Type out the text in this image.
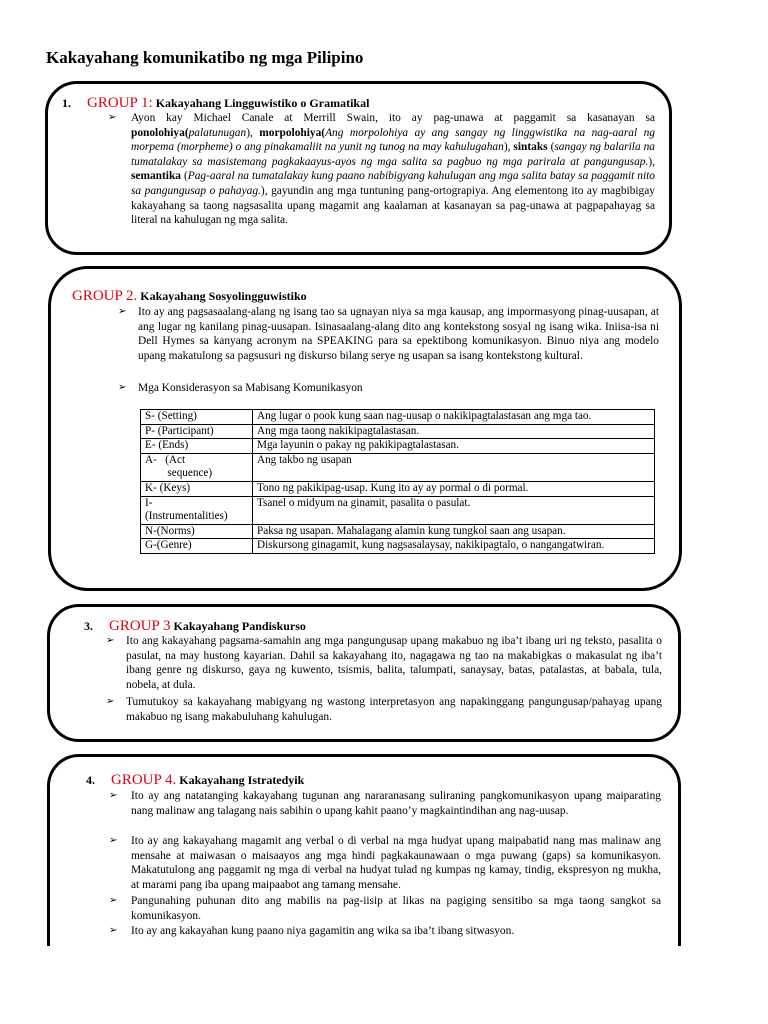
Kakayahang komunikatibo ng mga Pilipino
1. GROUP 1: Kakayahang Lingguwistiko o Gramatikal
➢ Ayon kay Michael Canale at Merrill Swain, ito ay pag-unawa at paggamit sa kasanayan sa ponolohiya(palatunugan), morpolohiya(Ang morpolohiya ay ang sangay ng linggwistika na nag-aaral ng morpema (morpheme) o ang pinakamaliit na yunit ng tunog na may kahulugahan), sintaks (sangay ng balarila na tumatalakay sa masistemang pagkakaayus-ayos ng mga salita sa pagbuo ng mga parirala at pangungusap.), semantika (Pag-aaral na tumatalakay kung paano nabibigyang kahulugan ang mga salita batay sa paggamit nito sa pangungusap o pahayag.), gayundin ang mga tuntuning pang-ortograpiya. Ang elementong ito ay magbibigay kakayahang sa taong nagsasalita upang magamit ang kaalaman at kasanayan sa pag-unawa at pagpapahayag sa literal na kahulugan ng mga salita.
GROUP 2. Kakayahang Sosyolingguwistiko
➢ Ito ay ang pagsasaalang-alang ng isang tao sa ugnayan niya sa mga kausap, ang impormasyong pinag-uusapan, at ang lugar ng kanilang pinag-uusapan. Isinasaalang-alang dito ang kontekstong sosyal ng isang wika. Iniisa-isa ni Dell Hymes sa kanyang acronym na SPEAKING para sa epektibong komunikasyon. Binuo niya ang modelo upang makatulong sa pagsusuri ng diskurso bilang serye ng usapan sa isang kontekstong kultural.
➢ Mga Konsiderasyon sa Mabisang Komunikasyon
S- (Setting)	Ang lugar o pook kung saan nag-uusap o nakikipagtalastasan ang mga tao.
P- (Participant)	Ang mga taong nakikipagtalastasan.
E- (Ends)	Mga layunin o pakay ng pakikipagtalastasan.
A-   (Act
sequence)	Ang takbo ng usapan
K- (Keys)	Tono ng pakikipag-usap. Kung ito ay ay pormal o di pormal.
I-
(Instrumentalities)	Tsanel o midyum na ginamit, pasalita o pasulat.
N-(Norms)	Paksa ng usapan. Mahalagang alamin kung tungkol saan ang usapan.
G-(Genre)	Diskursong ginagamit, kung nagsasalaysay, nakikipagtalo, o nangangatwiran.
3. GROUP 3 Kakayahang Pandiskurso
➢ Ito ang kakayahang pagsama-samahin ang mga pangungusap upang makabuo ng iba’t ibang uri ng teksto, pasalita o pasulat, na may hustong kayarian. Dahil sa kakayahang ito, nagagawa ng tao na makabigkas o makasulat ng iba’t ibang genre ng diskurso, gaya ng kuwento, tsismis, balita, talumpati, sanaysay, batas, patalastas, at babala, tula, nobela, at dula.
➢ Tumutukoy sa kakayahang mabigyang ng wastong interpretasyon ang napakinggang pangungusap/pahayag upang makabuo ng isang makabuluhang kahulugan.
4. GROUP 4. Kakayahang Istratedyik
➢ Ito ay ang natatanging kakayahang tugunan ang nararanasang suliraning pangkomunikasyon upang maiparating nang malinaw ang talagang nais sabihin o upang kahit paano’y magkaintindihan ang nag-uusap.
➢ Ito ay ang kakayahang magamit ang verbal o di verbal na mga hudyat upang maipabatid nang mas malinaw ang mensahe at maiwasan o maisaayos ang mga hindi pagkakaunawaan o mga puwang (gaps) sa komunikasyon. Makatutulong ang paggamit ng mga di verbal na hudyat tulad ng kumpas ng kamay, tindig, ekspresyon ng mukha, at marami pang iba upang maipaabot ang tamang mensahe.
➢ Pangunahing puhunan dito ang mabilis na pag-iisip at likas na pagiging sensitibo sa mga taong sangkot sa komunikasyon.
➢ Ito ay ang kakayahan kung paano niya gagamitin ang wika sa iba’t ibang sitwasyon.
